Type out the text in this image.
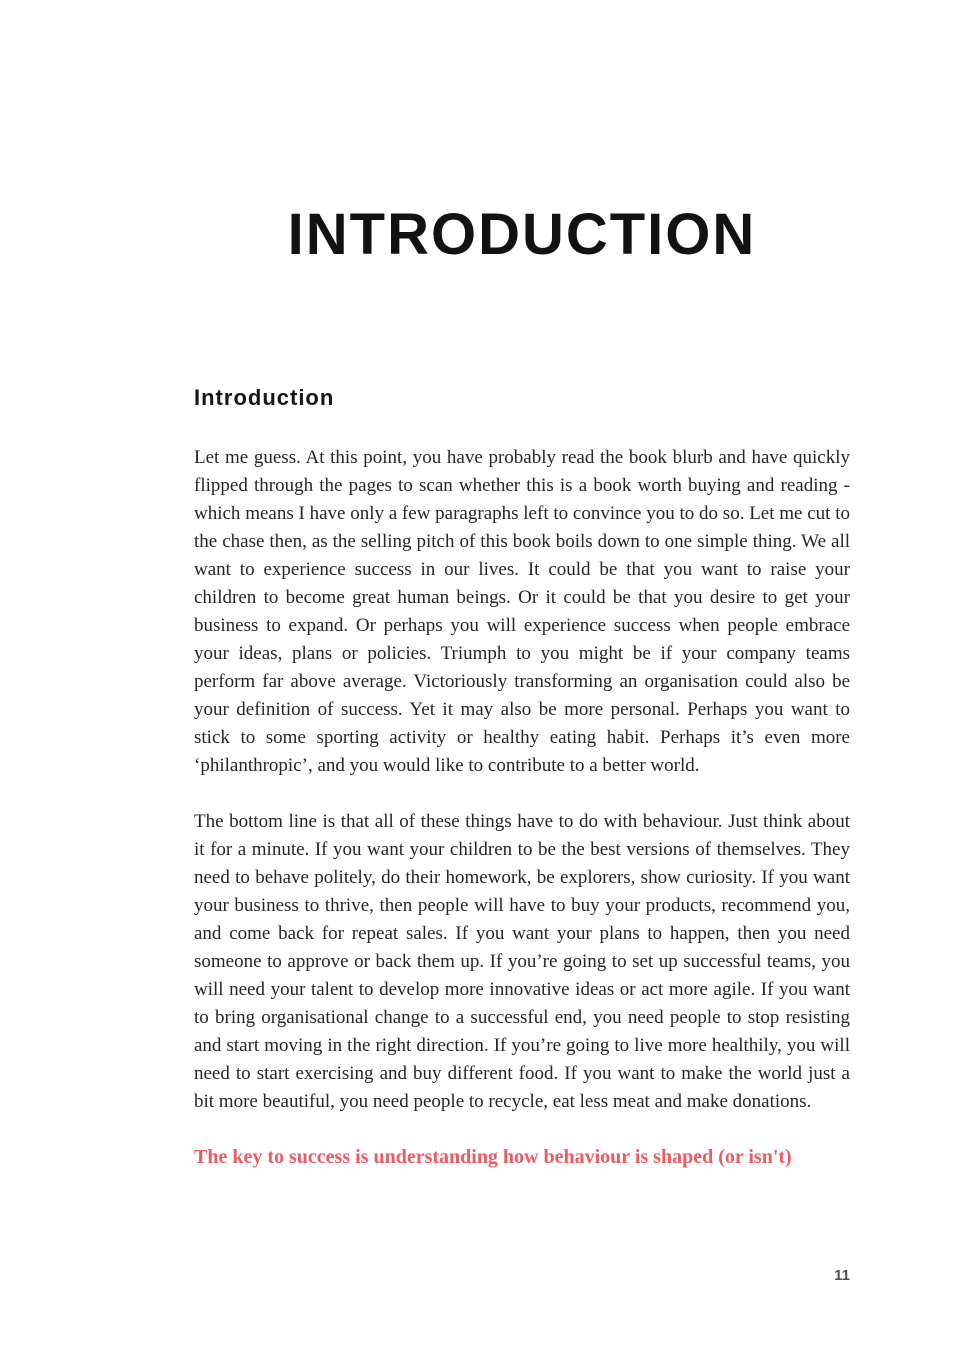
INTRODUCTION
Introduction

Let me guess. At this point, you have probably read the book blurb and have quickly flipped through the pages to scan whether this is a book worth buying and reading - which means I have only a few paragraphs left to convince you to do so. Let me cut to the chase then, as the selling pitch of this book boils down to one simple thing. We all want to experience success in our lives. It could be that you want to raise your children to become great human beings. Or it could be that you desire to get your business to expand. Or perhaps you will experience success when people embrace your ideas, plans or policies. Triumph to you might be if your company teams perform far above average. Victoriously transforming an organisation could also be your definition of success. Yet it may also be more personal. Perhaps you want to stick to some sporting activity or healthy eating habit. Perhaps it’s even more ‘philanthropic’, and you would like to contribute to a better world.

The bottom line is that all of these things have to do with behaviour. Just think about it for a minute. If you want your children to be the best versions of themselves. They need to behave politely, do their homework, be explorers, show curiosity. If you want your business to thrive, then people will have to buy your products, recommend you, and come back for repeat sales. If you want your plans to happen, then you need someone to approve or back them up. If you’re going to set up successful teams, you will need your talent to develop more innovative ideas or act more agile. If you want to bring organisational change to a successful end, you need people to stop resisting and start moving in the right direction. If you’re going to live more healthily, you will need to start exercising and buy different food. If you want to make the world just a bit more beautiful, you need people to recycle, eat less meat and make donations.

The key to success is understanding how behaviour is shaped (or isn't)

11
